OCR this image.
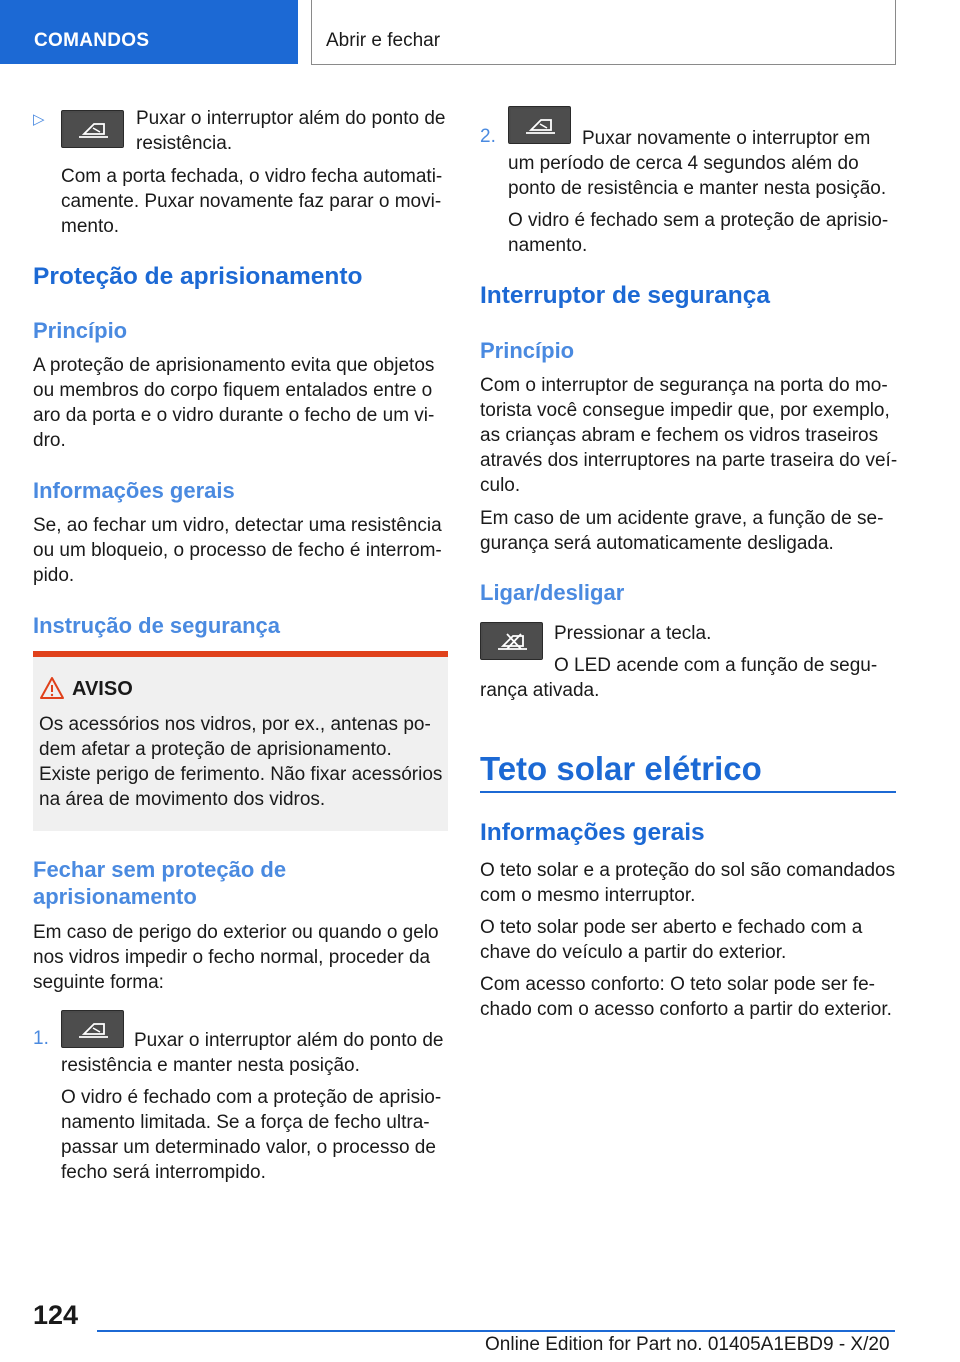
COMANDOS	Abrir e fechar
▷	Puxar o interruptor além do ponto de
resistência.
Com a porta fechada, o vidro fecha automati-
camente. Puxar novamente faz parar o movi-
mento.
Proteção de aprisionamento
Princípio
A proteção de aprisionamento evita que objetos
ou membros do corpo fiquem entalados entre o
aro da porta e o vidro durante o fecho de um vi-
dro.
Informações gerais
Se, ao fechar um vidro, detectar uma resistência
ou um bloqueio, o processo de fecho é interrom-
pido.
Instrução de segurança
AVISO
Os acessórios nos vidros, por ex., antenas po-
dem afetar a proteção de aprisionamento.
Existe perigo de ferimento. Não fixar acessórios
na área de movimento dos vidros.
Fechar sem proteção de
aprisionamento
Em caso de perigo do exterior ou quando o gelo
nos vidros impedir o fecho normal, proceder da
seguinte forma:
1.	Puxar o interruptor além do ponto de
resistência e manter nesta posição.
O vidro é fechado com a proteção de aprisio-
namento limitada. Se a força de fecho ultra-
passar um determinado valor, o processo de
fecho será interrompido.
2.	Puxar novamente o interruptor em
um período de cerca 4 segundos além do
ponto de resistência e manter nesta posição.
O vidro é fechado sem a proteção de aprisio-
namento.
Interruptor de segurança
Princípio
Com o interruptor de segurança na porta do mo-
torista você consegue impedir que, por exemplo,
as crianças abram e fechem os vidros traseiros
através dos interruptores na parte traseira do veí-
culo.
Em caso de um acidente grave, a função de se-
gurança será automaticamente desligada.
Ligar/desligar
Pressionar a tecla.
O LED acende com a função de segu-
rança ativada.
Teto solar elétrico
Informações gerais
O teto solar e a proteção do sol são comandados
com o mesmo interruptor.
O teto solar pode ser aberto e fechado com a
chave do veículo a partir do exterior.
Com acesso conforto: O teto solar pode ser fe-
chado com o acesso conforto a partir do exterior.
124
Online Edition for Part no. 01405A1EBD9 - X/20
